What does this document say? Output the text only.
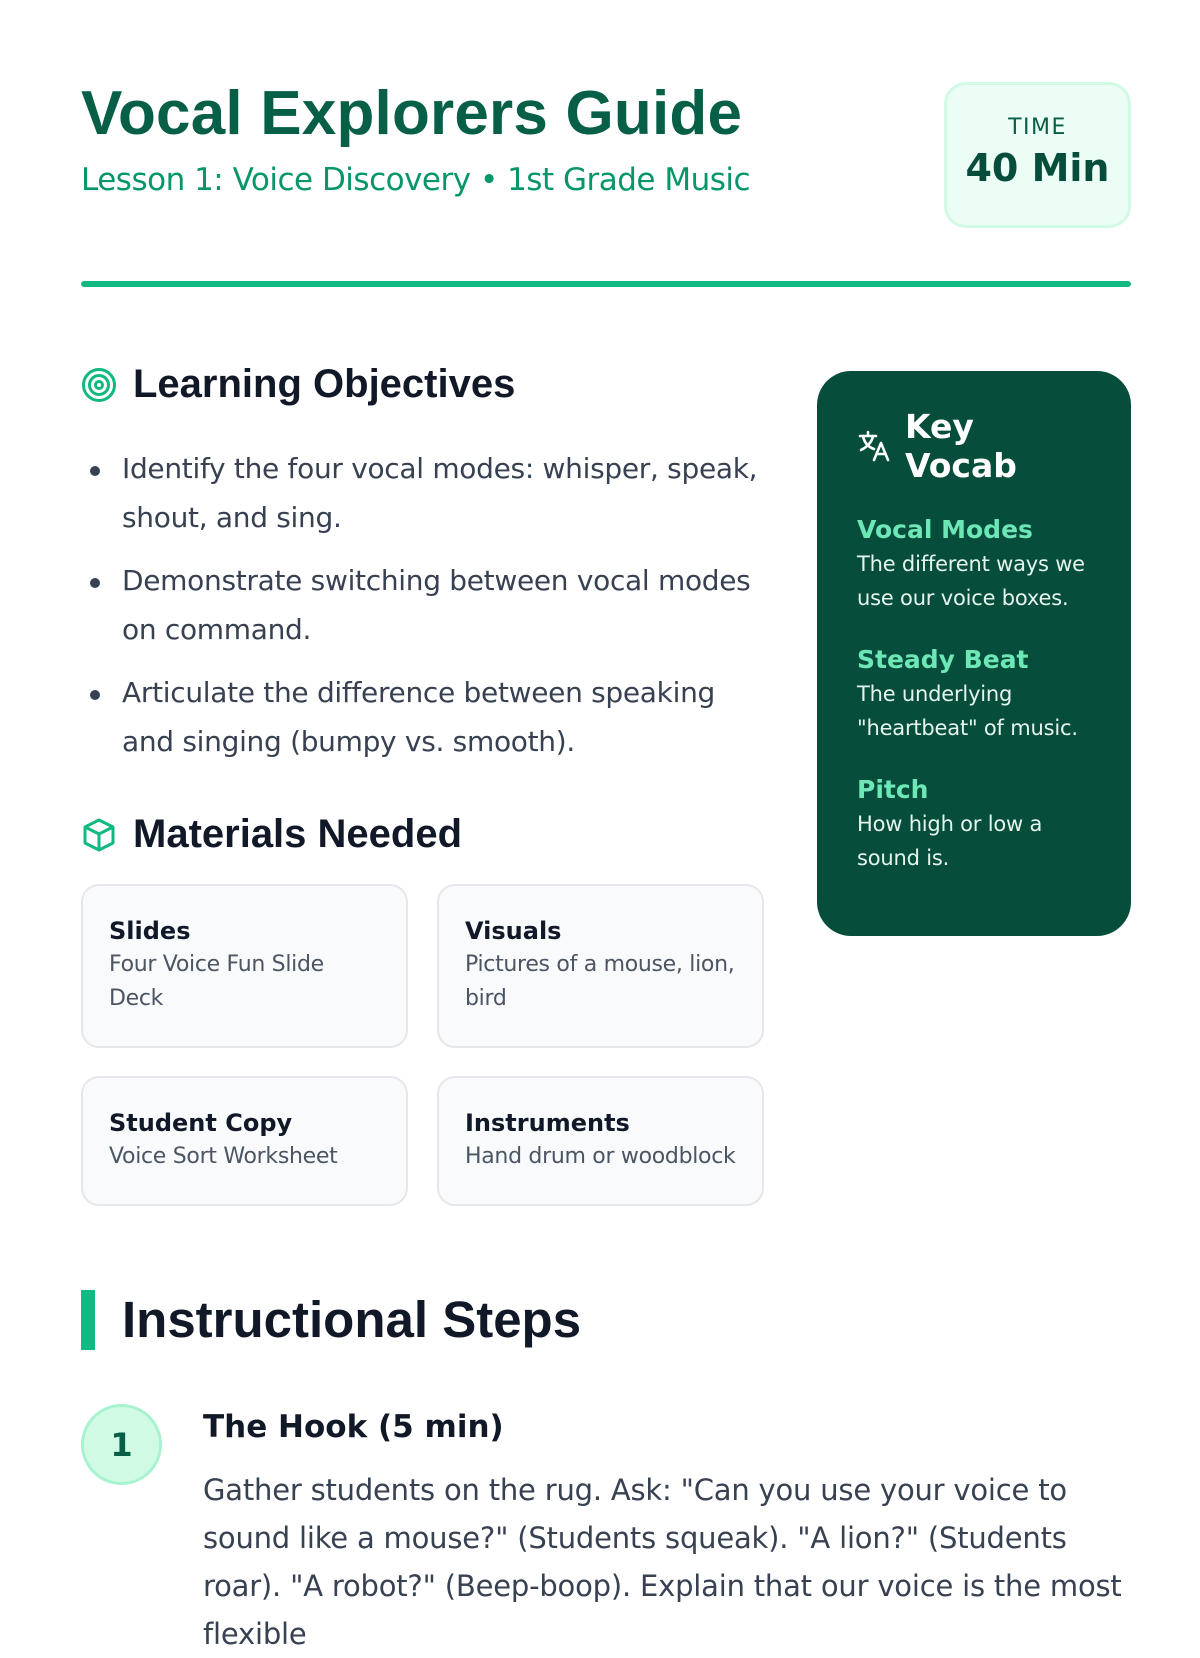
Vocal Explorers Guide
Lesson 1: Voice Discovery • 1st Grade Music
TIME
40 Min
Learning Objectives
Identify the four vocal modes: whisper, speak, shout, and sing.
Demonstrate switching between vocal modes on command.
Articulate the difference between speaking and singing (bumpy vs. smooth).
Materials Needed
Slides
Four Voice Fun Slide Deck
Visuals
Pictures of a mouse, lion, bird
Student Copy
Voice Sort Worksheet
Instruments
Hand drum or woodblock
Key Vocab
Vocal Modes
The different ways we use our voice boxes.
Steady Beat
The underlying "heartbeat" of music.
Pitch
How high or low a sound is.
Instructional Steps
1	The Hook (5 min)
Gather students on the rug. Ask: "Can you use your voice to sound like a mouse?" (Students squeak). "A lion?" (Students roar). "A robot?" (Beep-boop). Explain that our voice is the most flexible
